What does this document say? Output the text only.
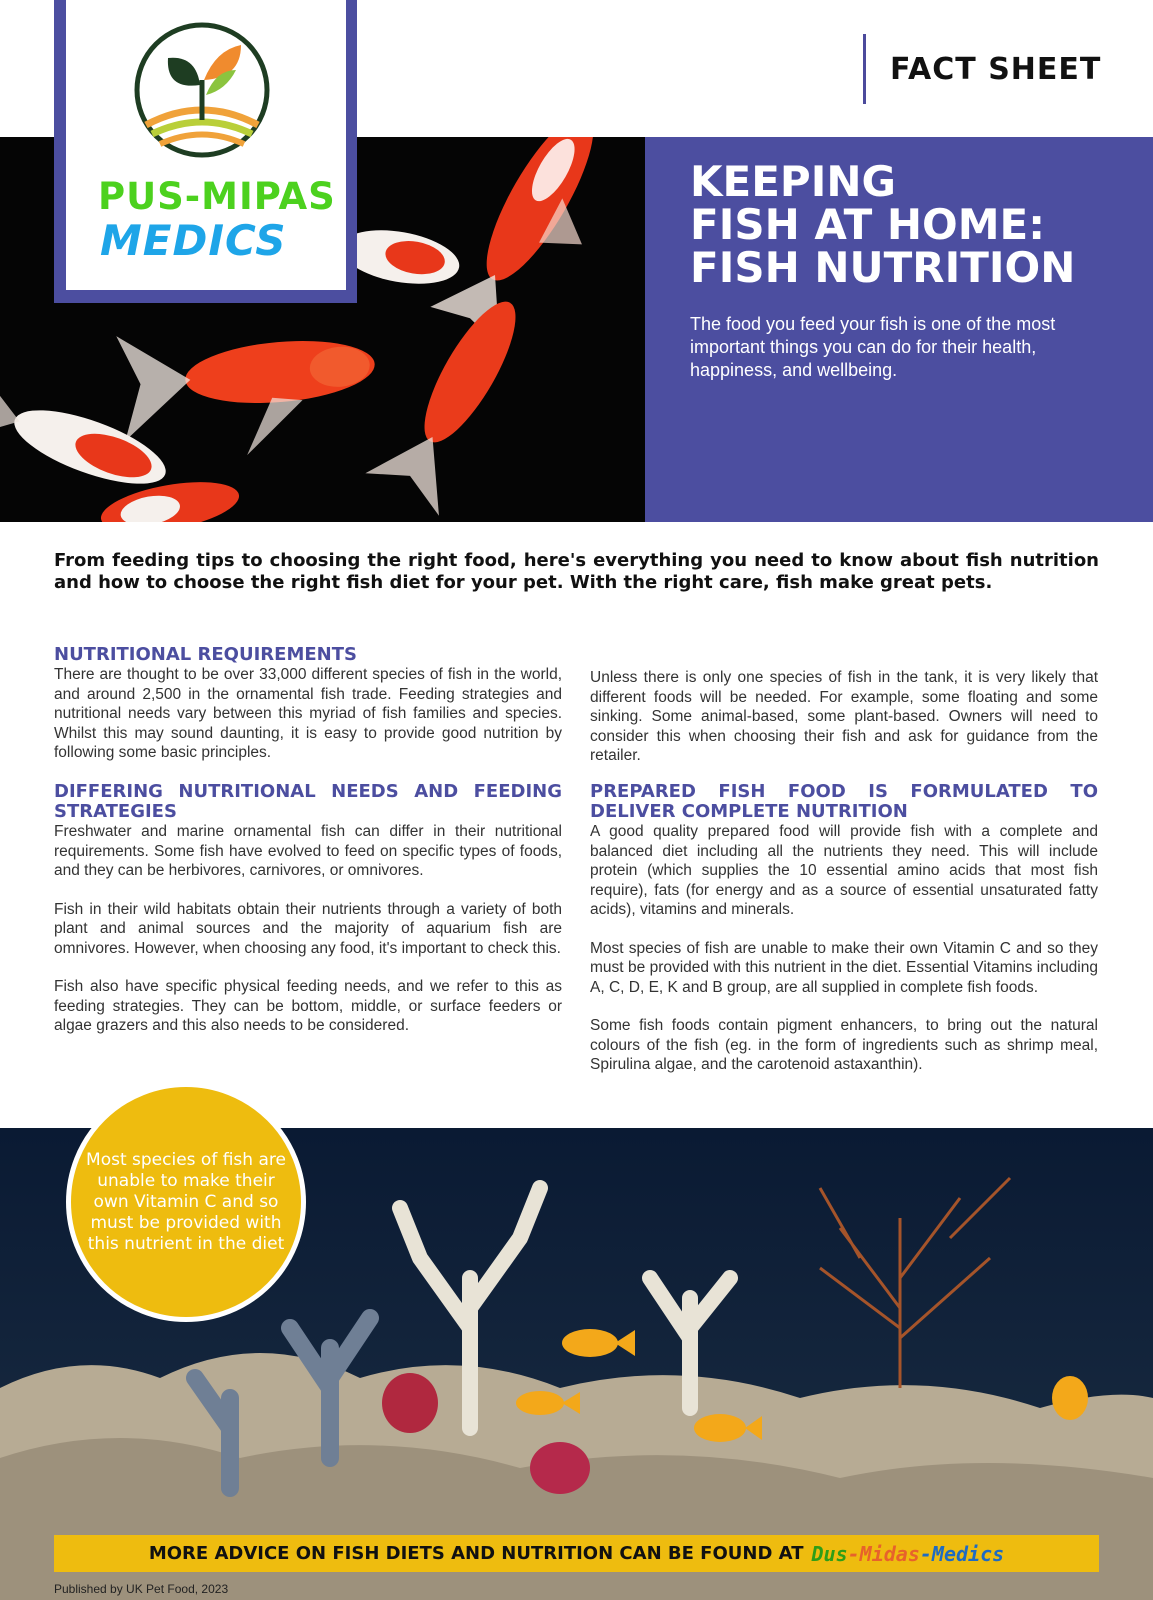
FACT SHEET
KEEPING
FISH AT HOME:
FISH NUTRITION
The food you feed your fish is one of the most important things you can do for their health, happiness, and wellbeing.
PUS-MIPAS
MEDICS
From feeding tips to choosing the right food, here's everything you need to know about fish nutrition and how to choose the right fish diet for your pet. With the right care, fish make great pets.
NUTRITIONAL REQUIREMENTS

There are thought to be over 33,000 different species of fish in the world, and around 2,500 in the ornamental fish trade. Feeding strategies and nutritional needs vary between this myriad of fish families and species. Whilst this may sound daunting, it is easy to provide good nutrition by following some basic principles.

DIFFERING NUTRITIONAL NEEDS AND FEEDING STRATEGIES

Freshwater and marine ornamental fish can differ in their nutritional requirements. Some fish have evolved to feed on specific types of foods, and they can be herbivores, carnivores, or omnivores.

Fish in their wild habitats obtain their nutrients through a variety of both plant and animal sources and the majority of aquarium fish are omnivores. However, when choosing any food, it's important to check this.

Fish also have specific physical feeding needs, and we refer to this as feeding strategies. They can be bottom, middle, or surface feeders or algae grazers and this also needs to be considered.

Unless there is only one species of fish in the tank, it is very likely that different foods will be needed. For example, some floating and some sinking. Some animal-based, some plant-based. Owners will need to consider this when choosing their fish and ask for guidance from the retailer.

PREPARED FISH FOOD IS FORMULATED TO DELIVER COMPLETE NUTRITION

A good quality prepared food will provide fish with a complete and balanced diet including all the nutrients they need. This will include protein (which supplies the 10 essential amino acids that most fish require), fats (for energy and as a source of essential unsaturated fatty acids), vitamins and minerals.

Most species of fish are unable to make their own Vitamin C and so they must be provided with this nutrient in the diet. Essential Vitamins including A, C, D, E, K and B group, are all supplied in complete fish foods.

Some fish foods contain pigment enhancers, to bring out the natural colours of the fish (eg. in the form of ingredients such as shrimp meal, Spirulina algae, and the carotenoid astaxanthin).

Most species of fish are unable to make their own Vitamin C and so must be provided with this nutrient in the diet
MORE ADVICE ON FISH DIETS AND NUTRITION CAN BE FOUND AT Dus-Midas-Medics
Published by UK Pet Food, 2023
